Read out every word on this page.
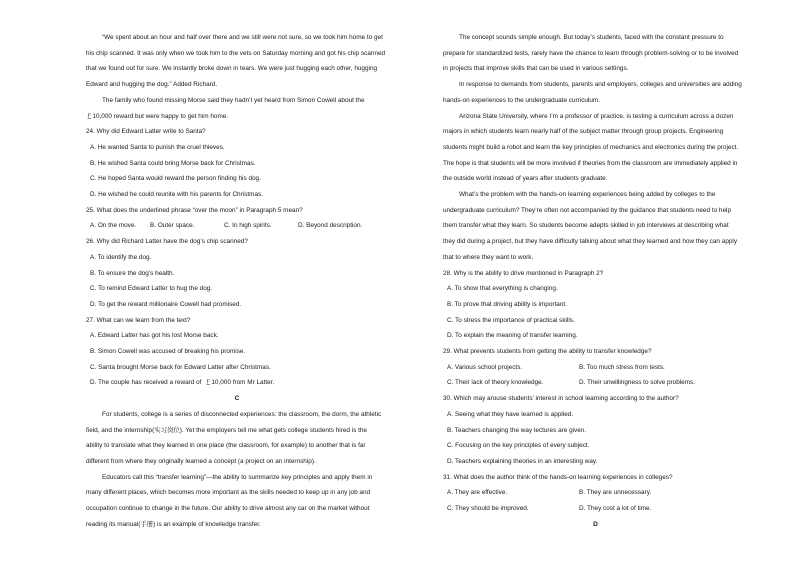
“We spent about an hour and half over there and we still were not sure, so we took him home to get
his chip scanned. It was only when we took him to the vets on Saturday morning and got his chip scanned
that we found out for sure. We instantly broke down in tears. We were just hugging each other, hugging
Edward and hugging the dog.” Added Richard.
The family who found missing Morse said they hadn’t yet heard from Simon Cowell about the
￡10,000 reward but were happy to get him home.

24. Why did Edward Latter write to Santa?

A. He wanted Santa to punish the cruel thieves.

B. He wished Santa could bring Morse back for Christmas.

C. He hoped Santa would reward the person finding his dog.

D. He wished he could reunite with his parents for Christmas.

25. What does the underlined phrase “over the moon” in Paragraph 5 mean?

A. On the move.	B. Outer space.	C. In high spirits.	D. Beyond description.

26. Why did Richard Latter have the dog’s chip scanned?

A. To identify the dog.

B. To ensure the dog’s health.

C. To remind Edward Latter to hug the dog.

D. To get the reward millionaire Cowell had promised.

27. What can we learn from the text?

A. Edward Latter has got his lost Morse back.

B. Simon Cowell was accused of breaking his promise.

C. Santa brought Morse back for Edward Latter after Christmas.

D. The couple has received a reward of  ￡10,000 from Mr Latter.

C

For students, college is a series of disconnected experiences: the classroom, the dorm, the athletic
field, and the internship(实习岗位). Yet the employers tell me what gets college students hired is the
ability to translate what they learned in one place (the classroom, for example) to another that is far
different from where they originally learned a concept (a project on an internship).
Educators call this “transfer learning”—the ability to summarize key principles and apply them in
many different places, which becomes more important as the skills needed to keep up in any job and
occupation continue to change in the future. Our ability to drive almost any car on the market without
reading its manual(手册) is an example of knowledge transfer.
The concept sounds simple enough. But today’s students, faced with the constant pressure to
prepare for standardized tests, rarely have the chance to learn through problem-solving or to be involved
in projects that improve skills that can be used in various settings.
In response to demands from students, parents and employers, colleges and universities are adding
hands-on experiences to the undergraduate curriculum.
Arizona State University, where I’m a professor of practice, is testing a curriculum across a dozen
majors in which students learn nearly half of the subject matter through group projects. Engineering
students might build a robot and learn the key principles of mechanics and electronics during the project.
The hope is that students will be more involved if theories from the classroom are immediately applied in
the outside world instead of years after students graduate.
What’s the problem with the hands-on learning experiences being added by colleges to the
undergraduate curriculum? They’re often not accompanied by the guidance that students need to help
them transfer what they learn. So students become adepts skilled in job interviews at describing what
they did during a project, but they have difficulty talking about what they learned and how they can apply
that to where they want to work.

28. Why is the ability to drive mentioned in Paragraph 2?

A. To show that everything is changing.

B. To prove that driving ability is important.

C. To stress the importance of practical skills.

D. To explain the meaning of transfer learning.

29. What prevents students from getting the ability to transfer knowledge?

A. Various school projects.	B. Too much stress from tests.
C. Their lack of theory knowledge.	D. Their unwillingness to solve problems.

30. Which may arouse students’ interest in school learning according to the author?

A. Seeing what they have learned is applied.

B. Teachers changing the way lectures are given.

C. Focusing on the key principles of every subject.

D. Teachers explaining theories in an interesting way.

31. What does the author think of the hands-on learning experiences in colleges?

A. They are effective.	B. They are unnecessary.
C. They should be improved.	D. They cost a lot of time.

D
